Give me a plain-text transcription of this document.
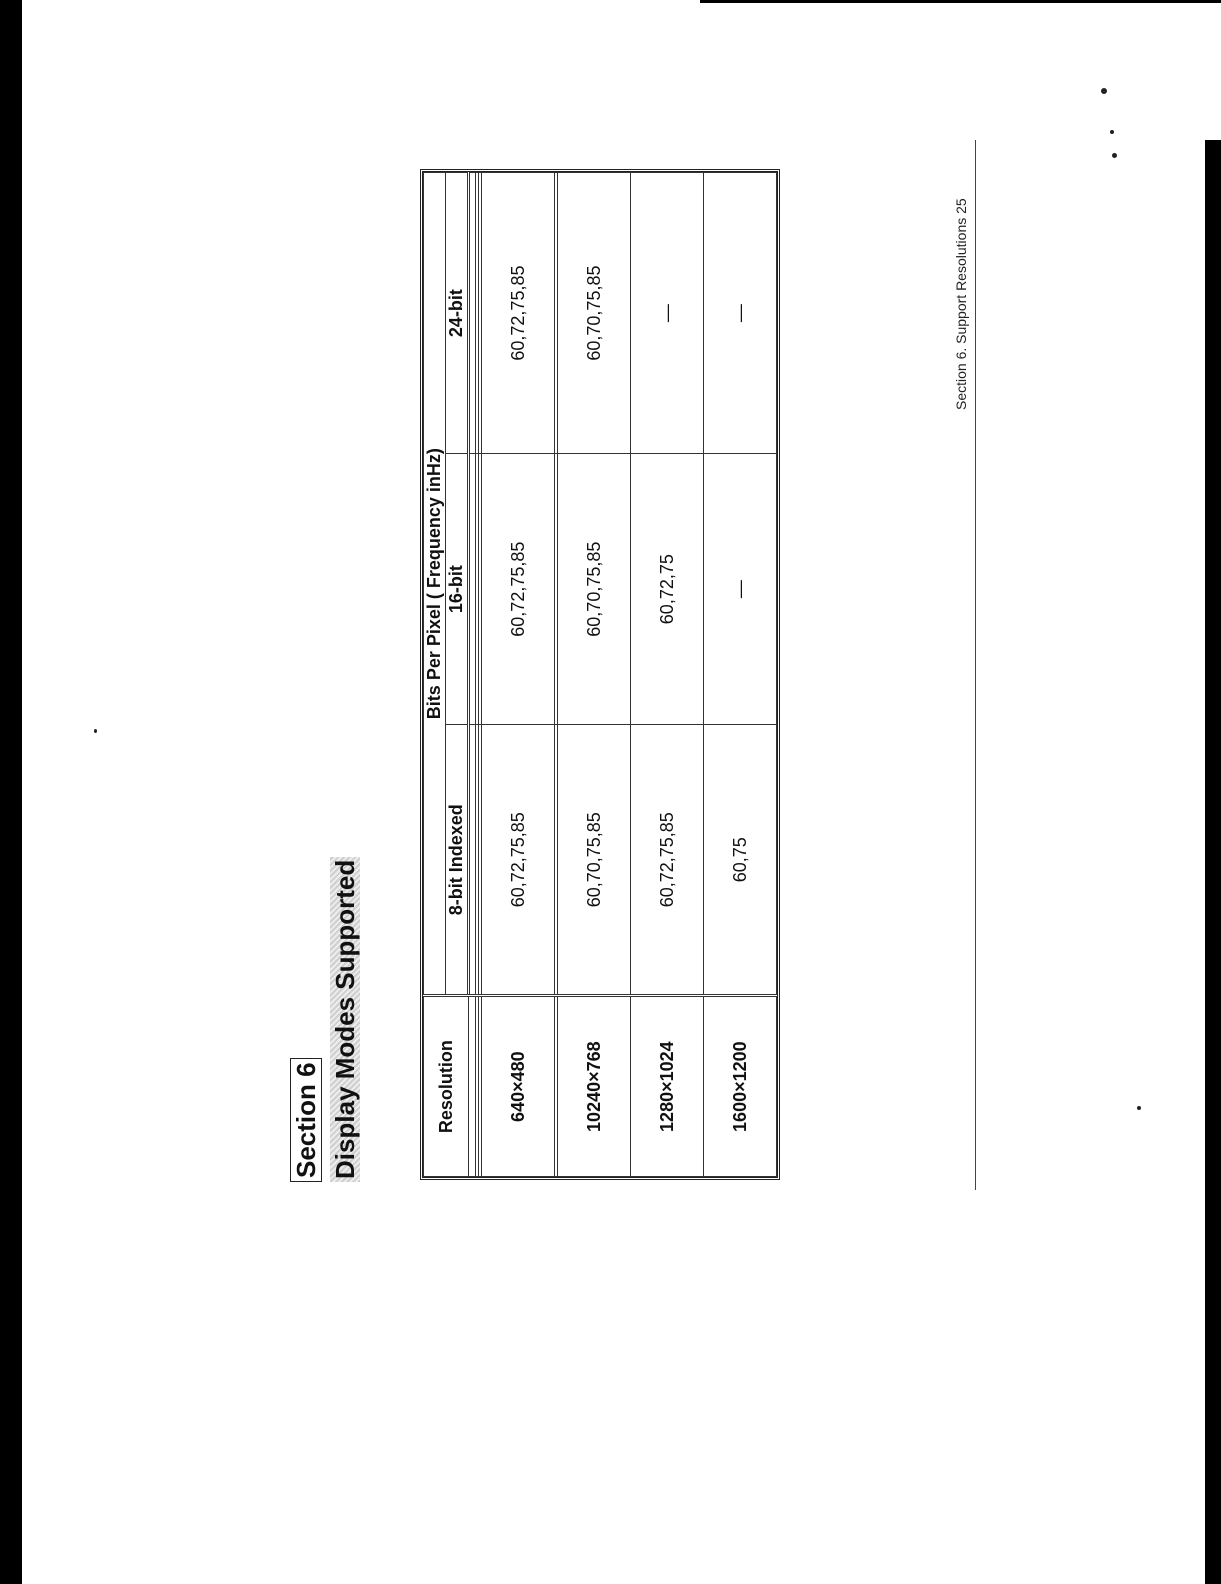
Section 6. Support Resolutions 25
Section 6 Display Modes Supported	Resolution	Bits Per Pixel ( Frequency inHz)		
	8-bit Indexed	16-bit	24-bit

640×480	60,72,75,85	60,72,75,85	60,72,75,85

10240×768	60,70,75,85	60,70,75,85	60,70,75,85
1280×1024	60,72,75,85	60,72,75	—
1600×1200	60,75	—	—
